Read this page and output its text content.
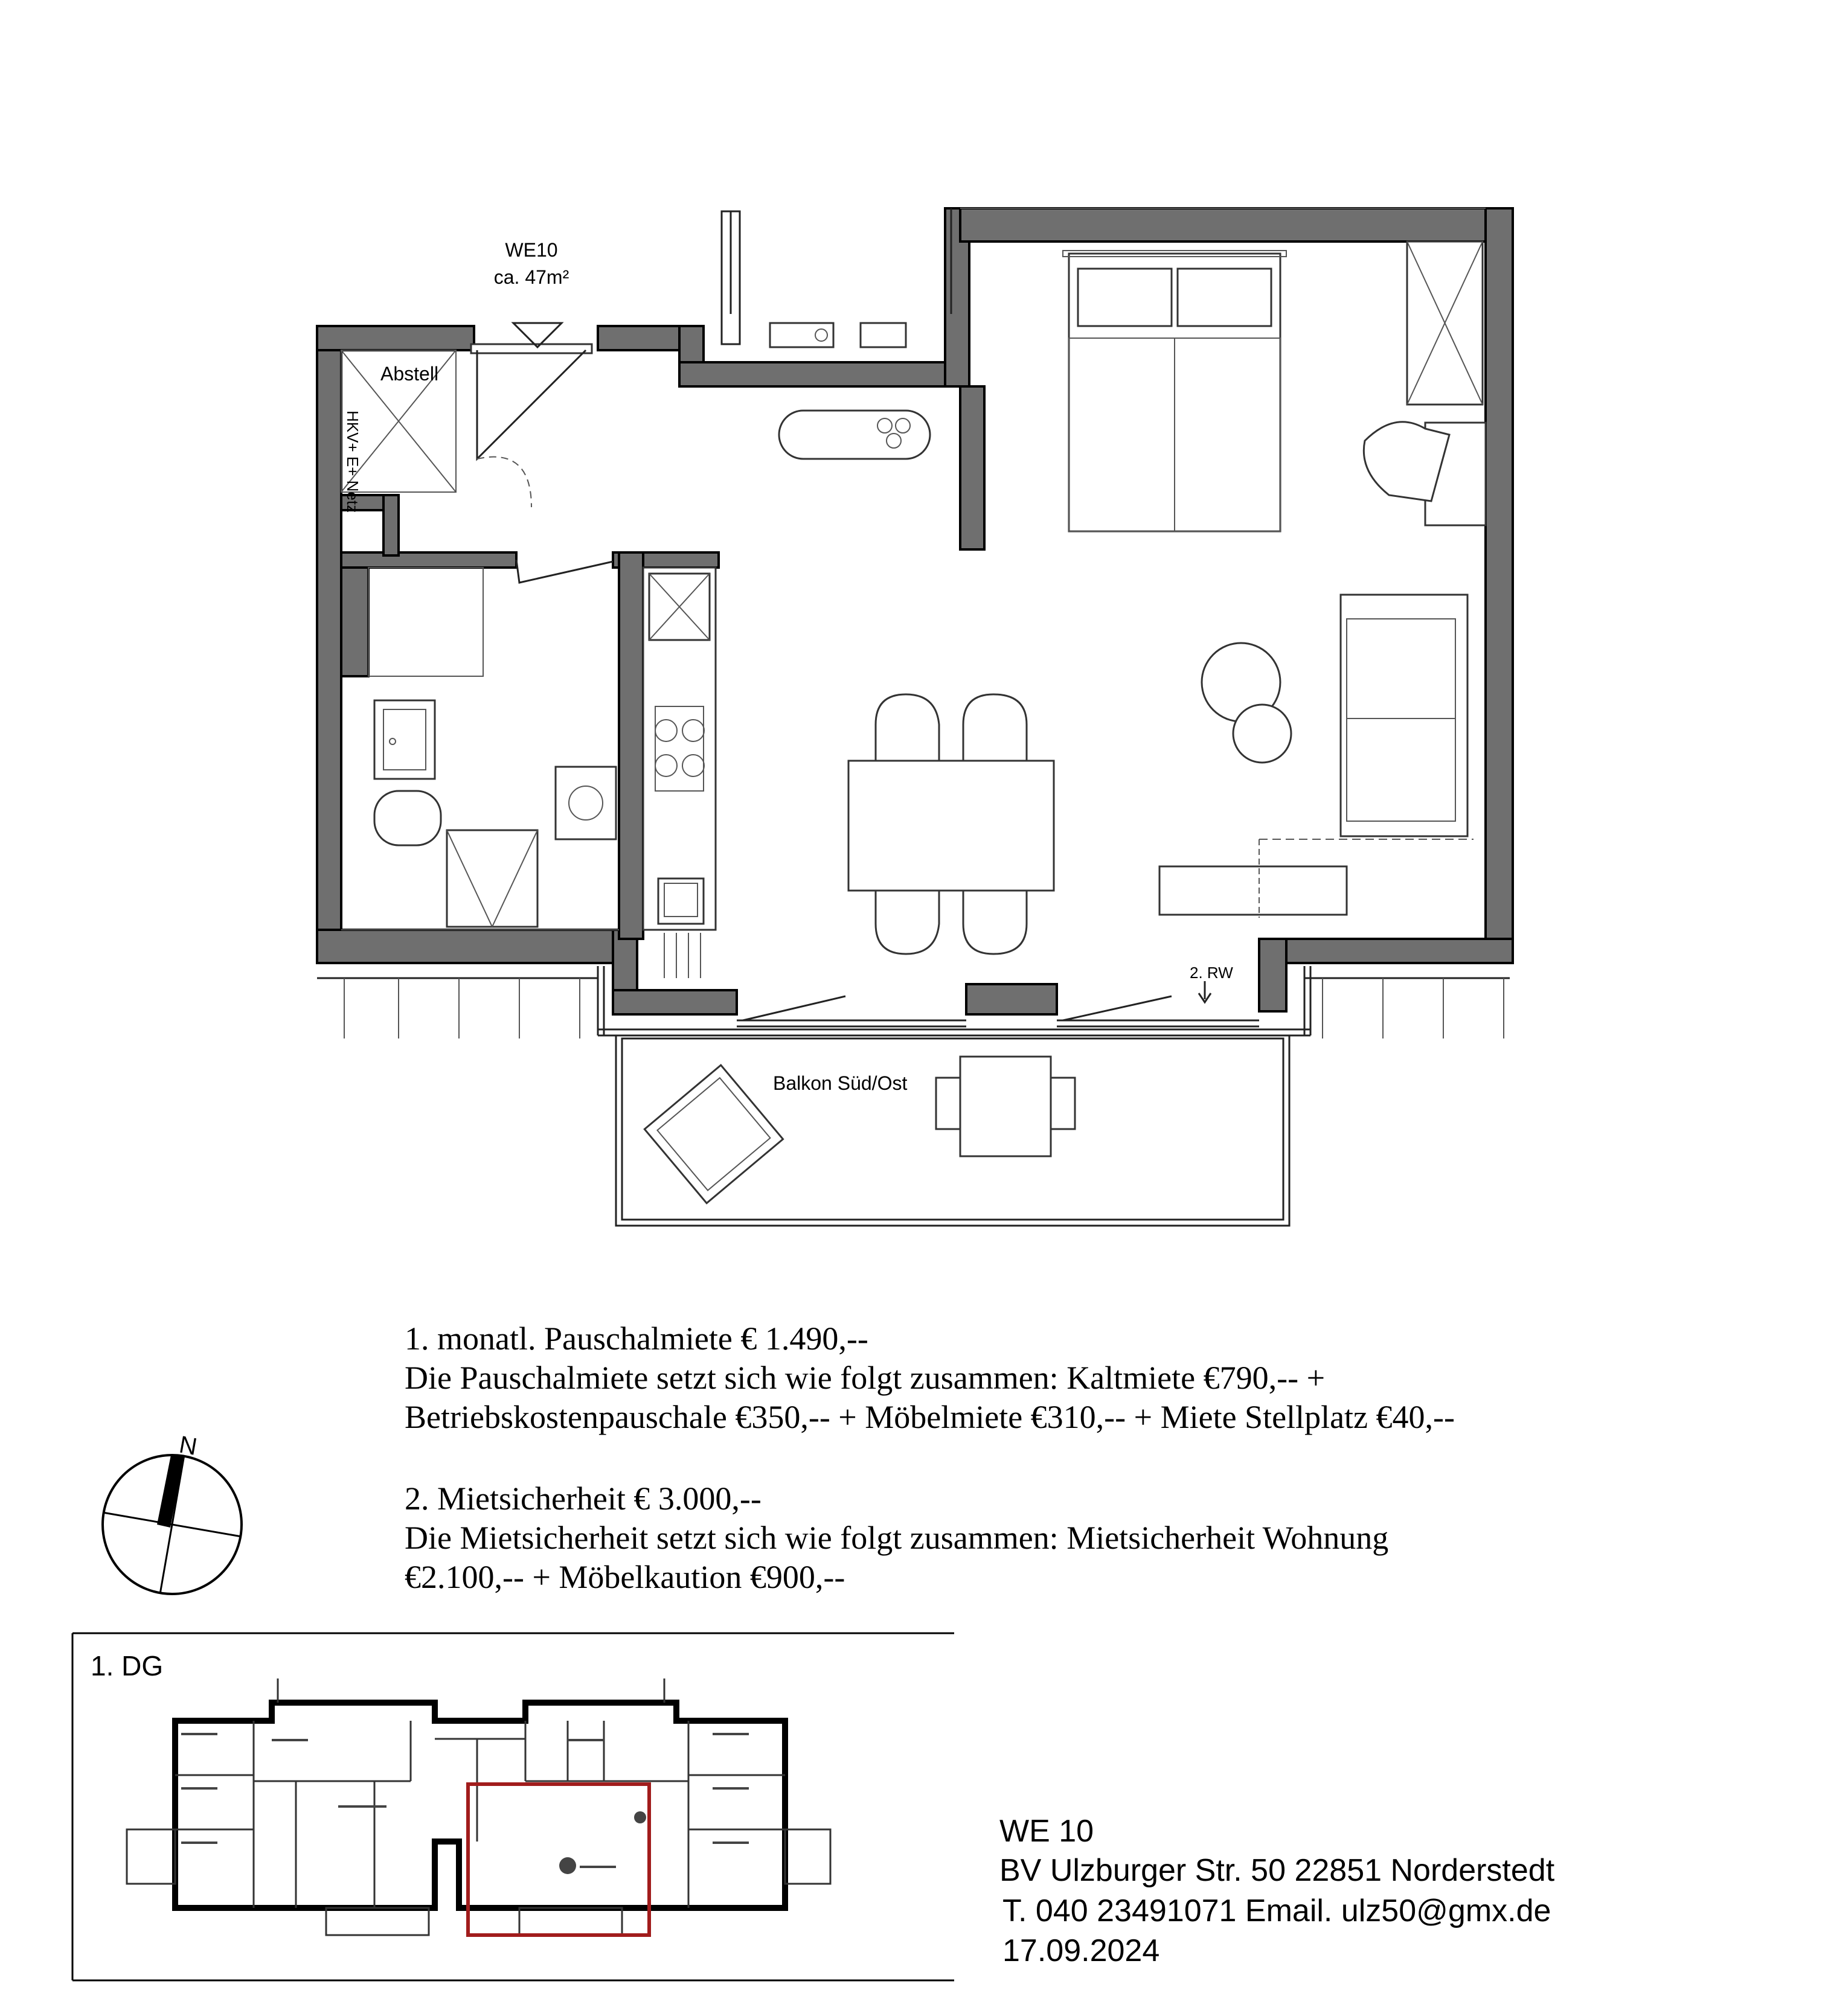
Abstell
HKV+ E+ Netz
Balkon Süd/Ost
2. RW
WE10
ca. 47m²
N
1. monatl. Pauschalmiete € 1.490,--
Die Pauschalmiete setzt sich wie folgt zusammen: Kaltmiete €790,-- +
Betriebskostenpauschale €350,-- + Möbelmiete €310,-- + Miete Stellplatz €40,--
2. Mietsicherheit € 3.000,--
Die Mietsicherheit setzt sich wie folgt zusammen: Mietsicherheit Wohnung
€2.100,-- + Möbelkaution €900,--
1. DG
WE 10
BV Ulzburger Str. 50 22851 Norderstedt
T. 040 23491071 Email. ulz50@gmx.de
17.09.2024
